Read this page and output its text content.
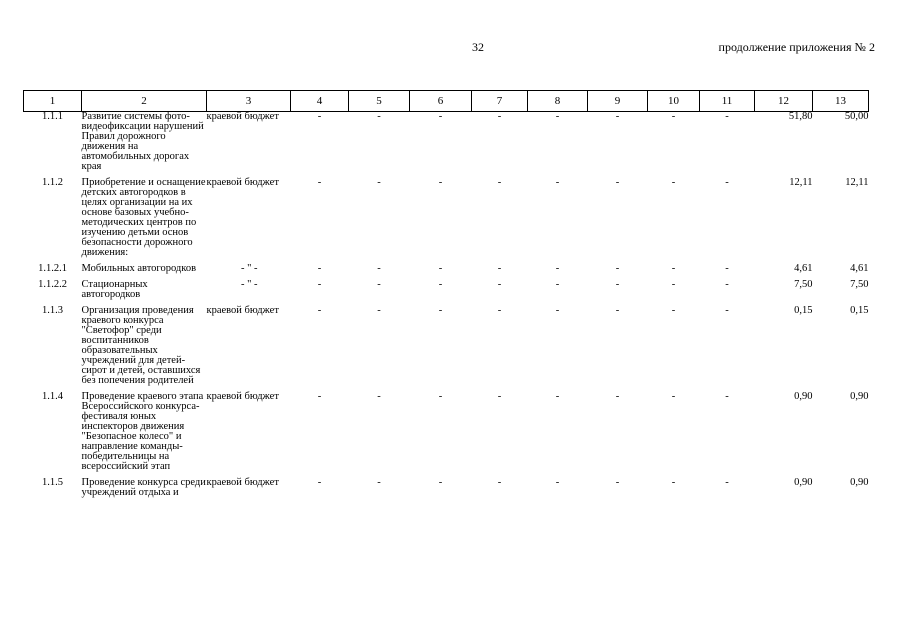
32	продолжение приложения № 2
1	2	3	4	5	6	7	8	9	10	11	12	13
1.1.1	Развитие системы фото-видеофиксации нарушений Правил дорожного движения на автомобильных дорогах края	краевой бюджет	-	-	-	-	-	-	-	-	51,80	50,00
1.1.2	Приобретение и оснащение детских автогородков в целях организации на их основе базовых учебно-методических центров по изучению детьми основ безопасности дорожного движения:	краевой бюджет	-	-	-	-	-	-	-	-	12,11	12,11
1.1.2.1	Мобильных автогородков	- " -	-	-	-	-	-	-	-	-	4,61	4,61
1.1.2.2	Стационарных автогородков	- " -	-	-	-	-	-	-	-	-	7,50	7,50
1.1.3	Организация проведения краевого конкурса "Светофор" среди воспитанников образовательных учреждений для детей-сирот и детей, оставшихся без попечения родителей	краевой бюджет	-	-	-	-	-	-	-	-	0,15	0,15
1.1.4	Проведение краевого этапа Всероссийского конкурса-фестиваля юных инспекторов движения "Безопасное колесо" и направление команды-победительницы на всероссийский этап	краевой бюджет	-	-	-	-	-	-	-	-	0,90	0,90
1.1.5	Проведение конкурса среди учреждений отдыха и	краевой бюджет	-	-	-	-	-	-	-	-	0,90	0,90
